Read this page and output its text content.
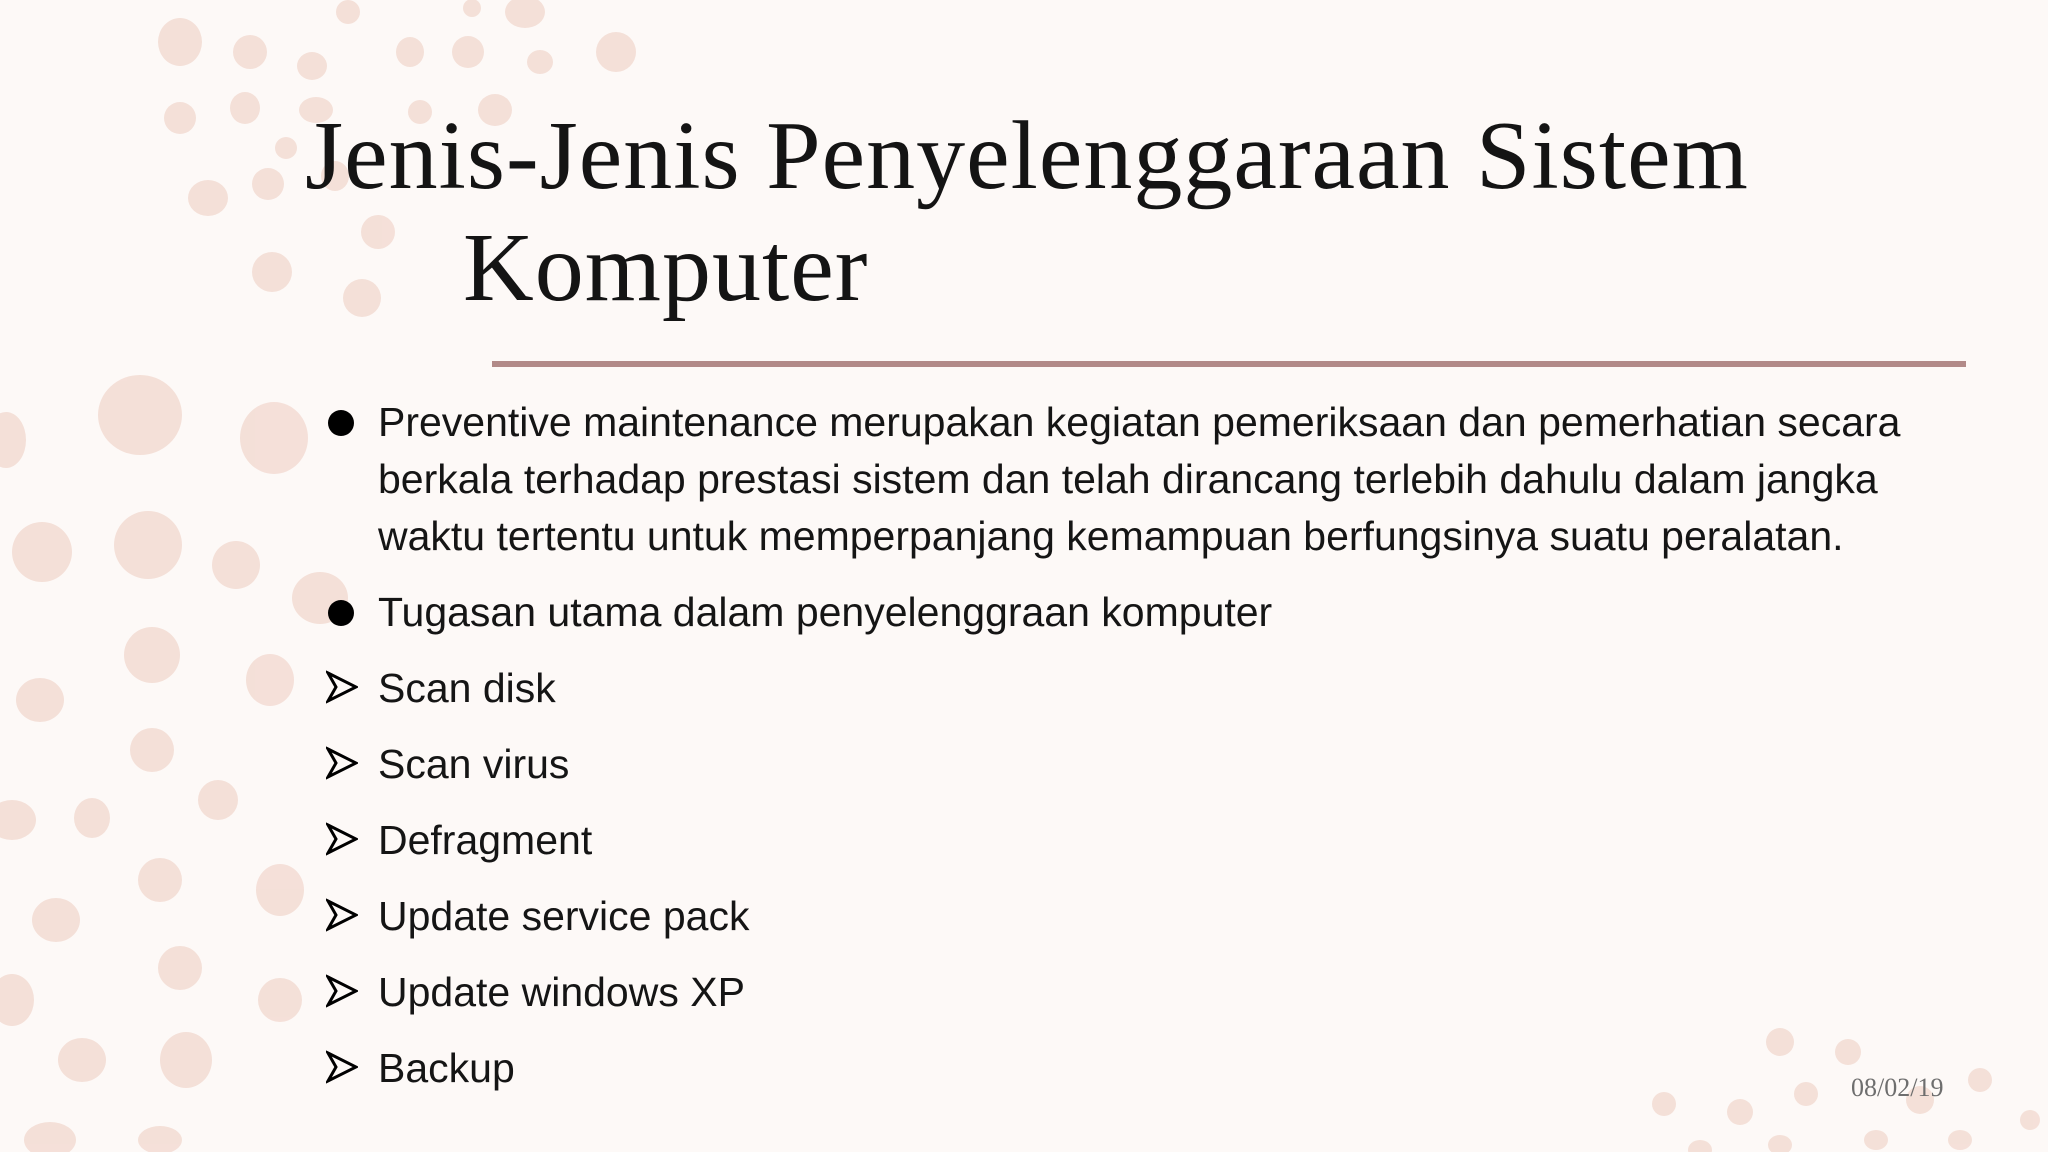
Jenis-Jenis Penyelenggaraan Sistem
Komputer
Preventive maintenance merupakan kegiatan pemeriksaan dan pemerhatian secara berkala terhadap prestasi sistem dan telah dirancang terlebih dahulu dalam jangka waktu tertentu untuk memperpanjang kemampuan berfungsinya suatu peralatan.
Tugasan utama dalam penyelenggraan komputer
Scan disk
Scan virus
Defragment
Update service pack
Update windows XP
Backup	08/02/19
